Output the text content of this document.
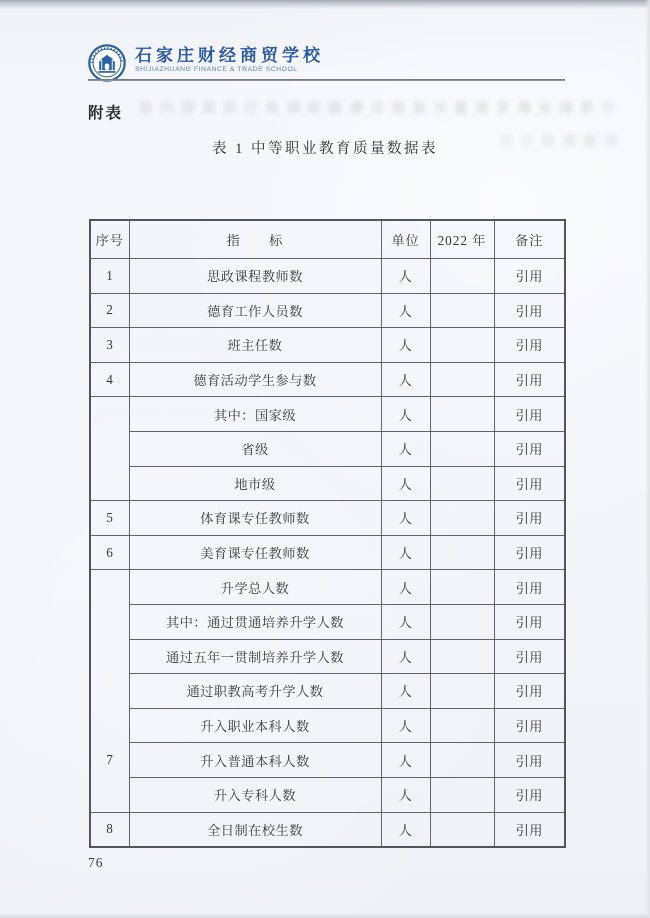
石家庄财经商贸学校
SHIJIAZHUANG FINANCE & TRADE SCHOOL
中等职业教育质量年度报告数据表附录引用说明内容
质量数据引用
附表
表 1 中等职业教育质量数据表
序号	指　　标	单位	2022 年	备注
1	思政课程教师数	人		引用
2	德育工作人员数	人		引用
3	班主任数	人		引用
4	德育活动学生参与数	人		引用
	其中：国家级	人		引用
	省级	人		引用
	地市级	人		引用
5	体育课专任教师数	人		引用
6	美育课专任教师数	人		引用

7	升学总人数	人		引用
	其中：通过贯通培养升学人数	人		引用
	通过五年一贯制培养升学人数	人		引用
	通过职教高考升学人数	人		引用
	升入职业本科人数	人		引用
	升入普通本科人数	人		引用
	升入专科人数	人		引用
8	全日制在校生数	人		引用
76
